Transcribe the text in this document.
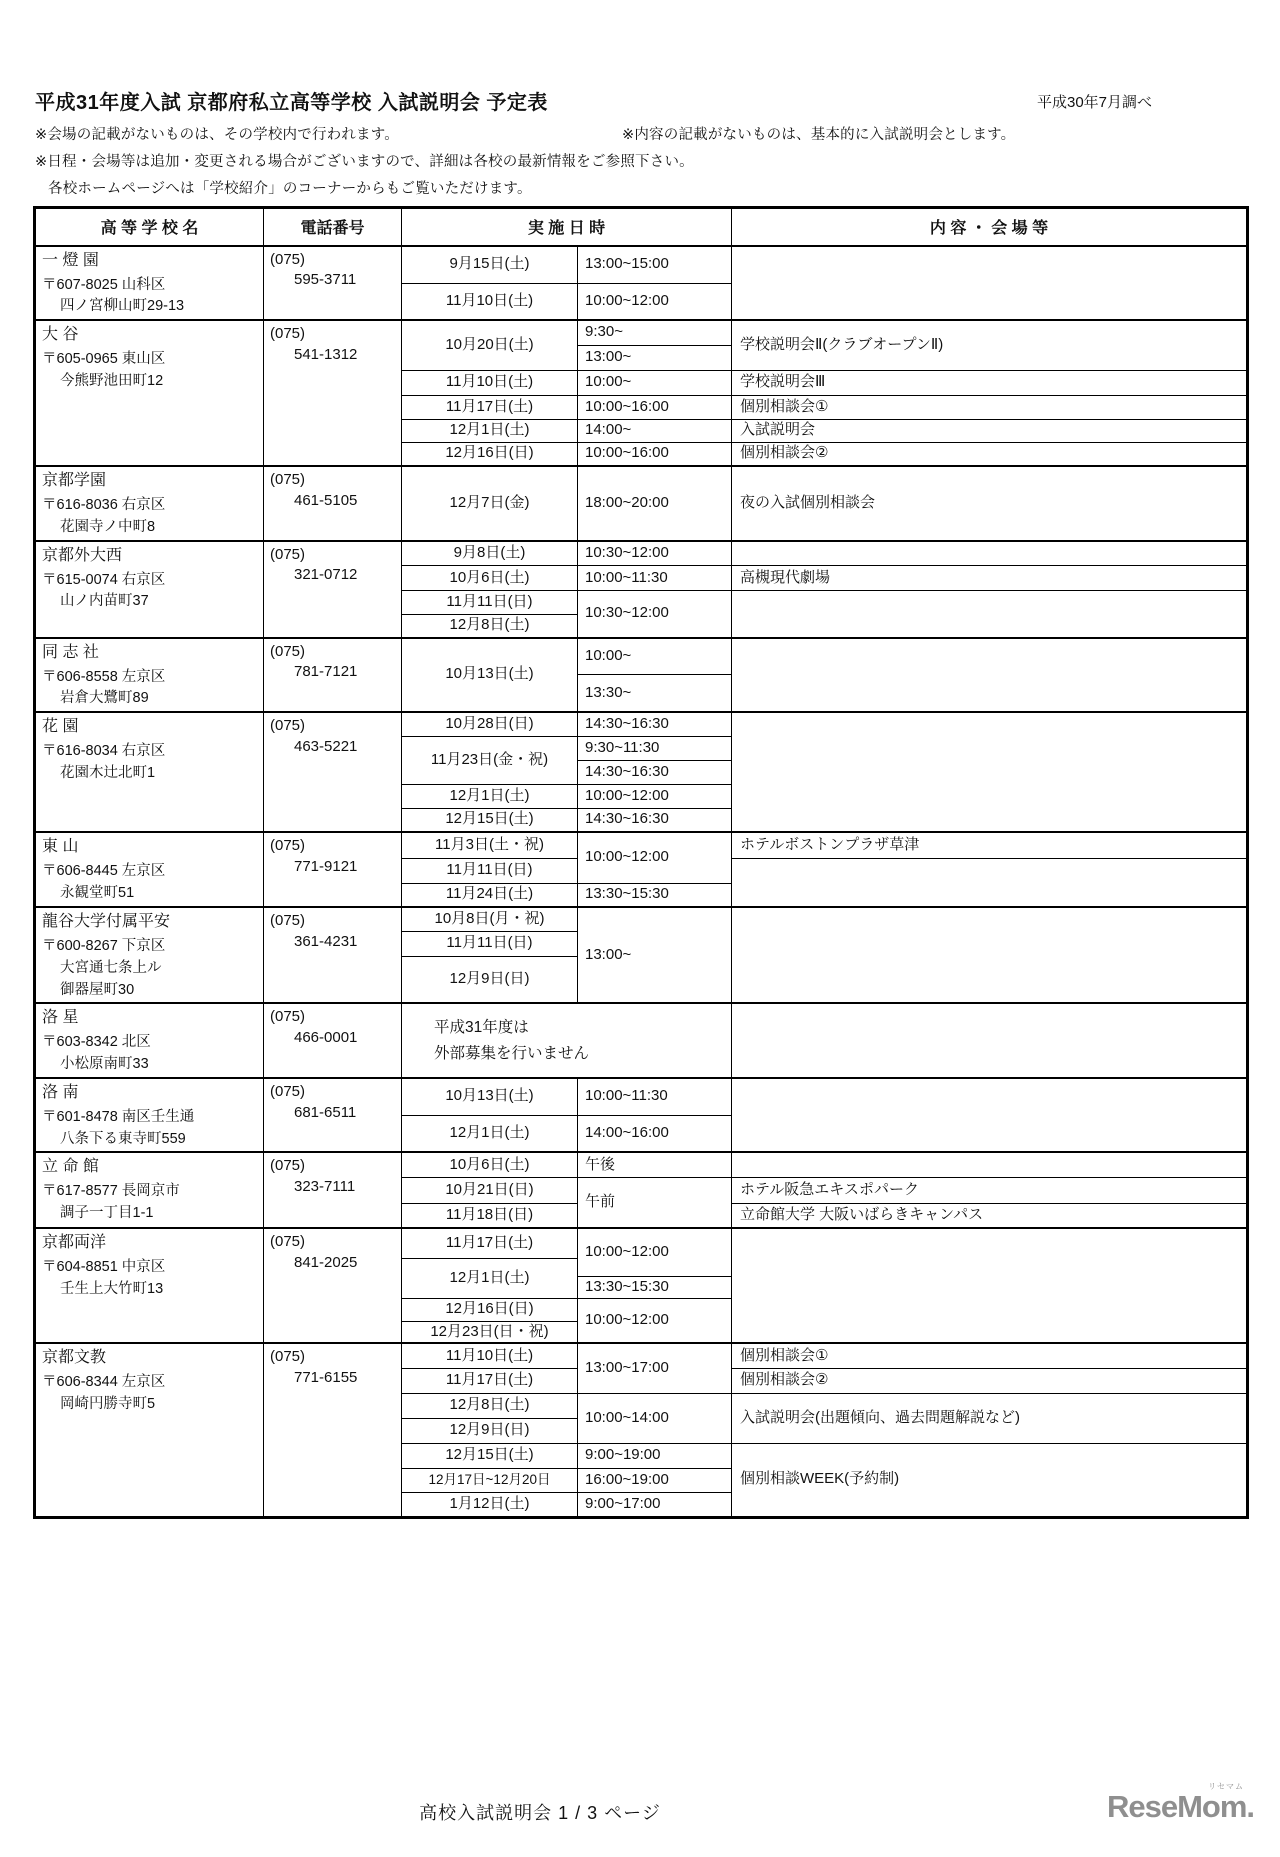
平成31年度入試 京都府私立高等学校 入試説明会 予定表	平成30年7月調べ
※会場の記載がないものは、その学校内で行われます。	※内容の記載がないものは、基本的に入試説明会とします。
※日程・会場等は追加・変更される場合がございますので、詳細は各校の最新情報をご参照下さい。
各校ホームページへは「学校紹介」のコーナーからもご覧いただけます。
高 等 学 校 名	電話番号	実 施 日 時		内 容 ・ 会 場 等

一 燈 園
〒607-8025 山科区
四ノ宮柳山町29-13

(075)
595-3711
	9月15日(土)	13:00~15:00	
		11月10日(土)	10:00~12:00	

大 谷
〒605-0965 東山区
今熊野池田町12

(075)
541-1312
	10月20日(土)	9:30~	学校説明会Ⅱ(クラブオープンⅡ)
			13:00~	
		11月10日(土)	10:00~	学校説明会Ⅲ
		11月17日(土)	10:00~16:00	個別相談会①
		12月1日(土)	14:00~	入試説明会
		12月16日(日)	10:00~16:00	個別相談会②

京都学園
〒616-8036 右京区
花園寺ノ中町8

(075)
461-5105	12月7日(金)	18:00~20:00	夜の入試個別相談会

京都外大西
〒615-0074 右京区
山ノ内苗町37

(075)
321-0712
	9月8日(土)	10:30~12:00	
		10月6日(土)	10:00~11:30	高槻現代劇場
		11月11日(日)	10:30~12:00	
		12月8日(土)		

同 志 社
〒606-8558 左京区
岩倉大鷺町89

(075)
781-7121	10月13日(土)	10:00~	
			13:30~	

花 園
〒616-8034 右京区
花園木辻北町1

(075)
463-5221
	10月28日(日)	14:30~16:30	
		11月23日(金・祝)	9:30~11:30	
			14:30~16:30	
		12月1日(土)	10:00~12:00	
		12月15日(土)	14:30~16:30	

東 山
〒606-8445 左京区
永観堂町51

(075)
771-9121
	11月3日(土・祝)	10:00~12:00	ホテルボストンプラザ草津
		11月11日(日)		
		11月24日(土)	13:30~15:30	

龍谷大学付属平安
〒600-8267 下京区
大宮通七条上ル
御器屋町30

(075)
361-4231
	10月8日(月・祝)	13:00~	
		11月11日(日)		
		12月9日(日)		

洛 星
〒603-8342 北区
小松原南町33

(075)
466-0001

平成31年度は
外部募集を行いません

洛 南
〒601-8478 南区壬生通
八条下る東寺町559

(075)
681-6511
	10月13日(土)	10:00~11:30	
		12月1日(土)	14:00~16:00	

立 命 館
〒617-8577 長岡京市
調子一丁目1-1

(075)
323-7111
	10月6日(土)	午後	
		10月21日(日)	午前	ホテル阪急エキスポパーク
		11月18日(日)		立命館大学 大阪いばらきキャンパス

京都両洋
〒604-8851 中京区
壬生上大竹町13

(075)
841-2025
	11月17日(土)	10:00~12:00	
		12月1日(土)		
			13:30~15:30	
		12月16日(日)	10:00~12:00	
		12月23日(日・祝)		

京都文教
〒606-8344 左京区
岡崎円勝寺町5

(075)
771-6155
	11月10日(土)	13:00~17:00	個別相談会①
		11月17日(土)		個別相談会②
		12月8日(土)	10:00~14:00	入試説明会(出題傾向、過去問題解説など)
		12月9日(日)		
		12月15日(土)	9:00~19:00	個別相談WEEK(予約制)
		12月17日~12月20日	16:00~19:00	
		1月12日(土)	9:00~17:00	
高校入試説明会 1 / 3 ページ
リセマム
ReseMom.
